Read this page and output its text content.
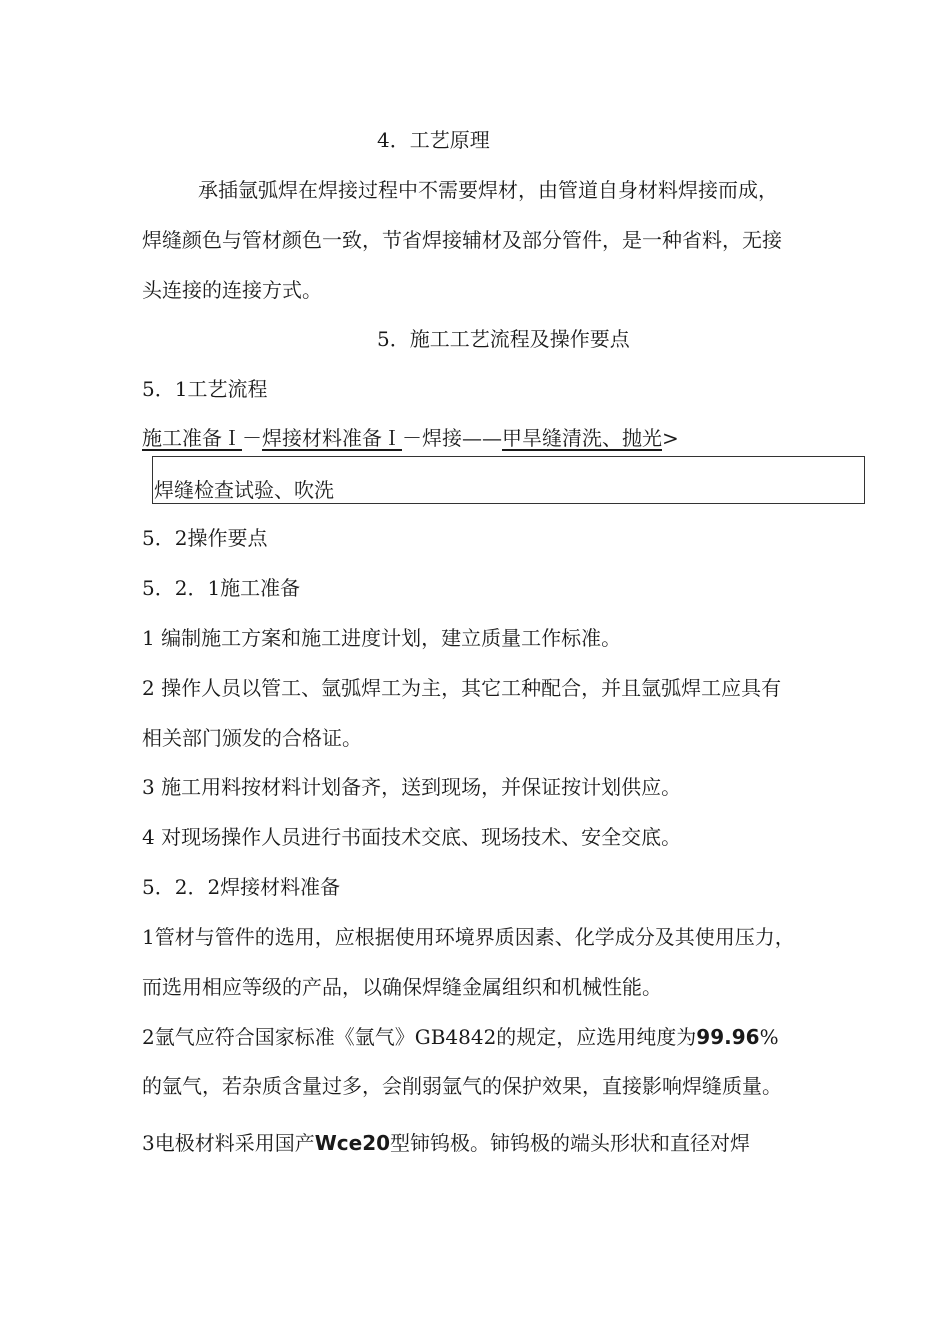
4．工艺原理
承插氩弧焊在焊接过程中不需要焊材，由管道自身材料焊接而成，
焊缝颜色与管材颜色一致，节省焊接辅材及部分管件，是一种省料，无接
头连接的连接方式。
5．施工工艺流程及操作要点
5．1工艺流程
施工准备Ｉ－焊接材料准备Ｉ－焊接——甲旱缝清洗、抛光>
焊缝检查试验、吹洗
5．2操作要点
5．2．1施工准备
1 编制施工方案和施工进度计划，建立质量工作标准。
2 操作人员以管工、氩弧焊工为主，其它工种配合，并且氩弧焊工应具有
相关部门颁发的合格证。
3 施工用料按材料计划备齐，送到现场，并保证按计划供应。
4 对现场操作人员进行书面技术交底、现场技术、安全交底。
5．2．2焊接材料准备
1管材与管件的选用，应根据使用环境界质因素、化学成分及其使用压力，
而选用相应等级的产品，以确保焊缝金属组织和机械性能。
2氩气应符合国家标准《氩气》GB4842的规定，应选用纯度为99.96%
的氩气，若杂质含量过多，会削弱氩气的保护效果，直接影响焊缝质量。
3电极材料采用国产Wce20型铈钨极。铈钨极的端头形状和直径对焊
